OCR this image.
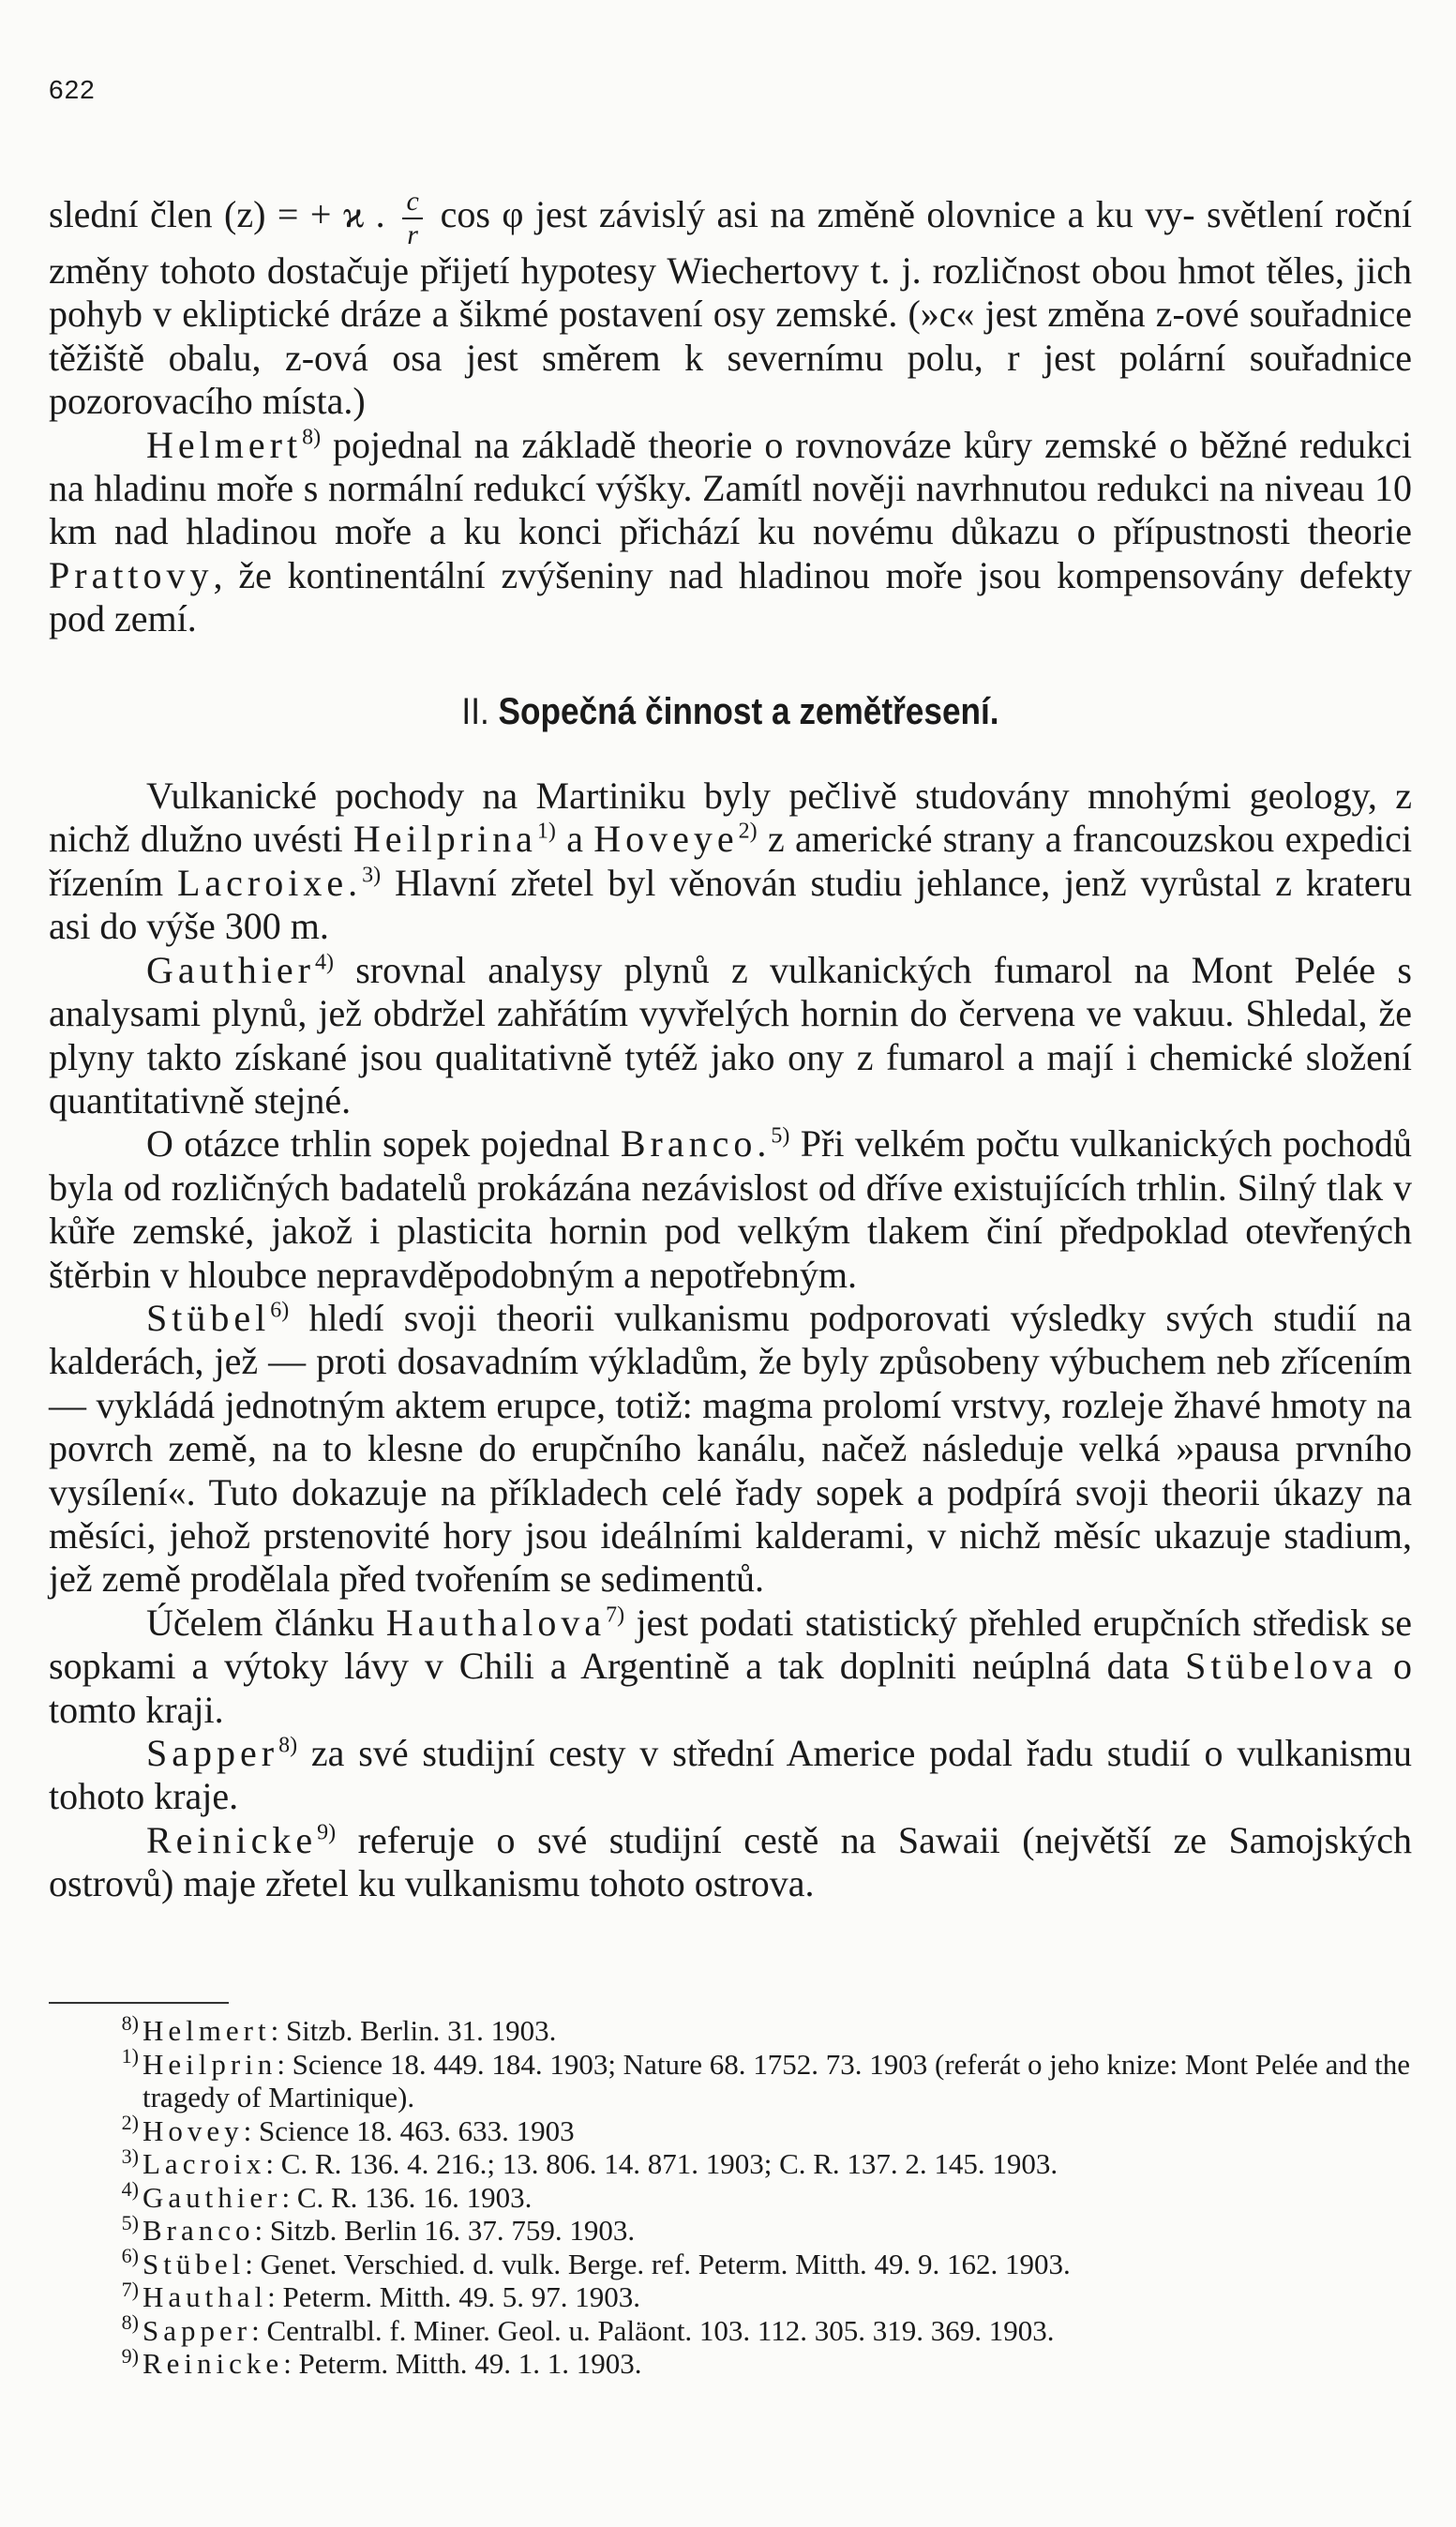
622

slední člen (z) = + ϰ . $\frac{c}{r}$ cos φ jest závislý asi na změně olovnice a ku vy- světlení roční změny tohoto dostačuje přijetí hypotesy Wiechertovy t. j. rozličnost obou hmot těles, jich pohyb v ekliptické dráze a šikmé postavení osy zemské. (»c« jest změna z-ové souřadnice těžiště obalu, z-ová osa jest směrem k severnímu polu, r jest polární souřadnice pozorovacího místa.)

Helmert$^{8)}$ pojednal na základě theorie o rovnováze kůry zemské o běžné redukci na hladinu moře s normální redukcí výšky. Zamítl nověji navrhnutou redukci na niveau 10 km nad hladinou moře a ku konci přichází ku novému důkazu o přípustnosti theorie Prattovy, že kontinentální zvýšeniny nad hladinou moře jsou kompensovány defekty pod zemí.

II. Sopečná činnost a zemětřesení.

Vulkanické pochody na Martiniku byly pečlivě studovány mnohými geology, z nichž dlužno uvésti Heilprina$^{1)}$ a Hoveye$^{2)}$ z americké strany a francouzskou expedici řízením Lacroixe.$^{3)}$ Hlavní zřetel byl věnován studiu jehlance, jenž vyrůstal z krateru asi do výše 300 m.

Gauthier$^{4)}$ srovnal analysy plynů z vulkanických fumarol na Mont Pelée s analysami plynů, jež obdržel zahřátím vyvřelých hornin do červena ve vakuu. Shledal, že plyny takto získané jsou qualitativně tytéž jako ony z fumarol a mají i chemické složení quantitativně stejné.

O otázce trhlin sopek pojednal Branco.$^{5)}$ Při velkém počtu vulkanických pochodů byla od rozličných badatelů prokázána nezávislost od dříve existujících trhlin. Silný tlak v kůře zemské, jakož i plasticita hornin pod velkým tlakem činí předpoklad otevřených štěrbin v hloubce nepravděpodobným a nepotřebným.

Stübel$^{6)}$ hledí svoji theorii vulkanismu podporovati výsledky svých studií na kalderách, jež — proti dosavadním výkladům, že byly způsobeny výbuchem neb zřícením — vykládá jednotným aktem erupce, totiž: magma prolomí vrstvy, rozleje žhavé hmoty na povrch země, na to klesne do erupčního kanálu, načež následuje velká »pausa prvního vysílení«. Tuto dokazuje na příkladech celé řady sopek a podpírá svoji theorii úkazy na měsíci, jehož prstenovité hory jsou ideálními kalderami, v nichž měsíc ukazuje stadium, jež země prodělala před tvořením se sedimentů.

Účelem článku Hauthalova$^{7)}$ jest podati statistický přehled erupčních středisk se sopkami a výtoky lávy v Chili a Argentině a tak doplniti neúplná data Stübelova o tomto kraji.

Sapper$^{8)}$ za své studijní cesty v střední Americe podal řadu studií o vulkanismu tohoto kraje.

Reinicke$^{9)}$ referuje o své studijní cestě na Sawaii (největší ze Samojských ostrovů) maje zřetel ku vulkanismu tohoto ostrova.

8) Helmert: Sitzb. Berlin. 31. 1903.

1) Heilprin: Science 18. 449. 184. 1903; Nature 68. 1752. 73. 1903 (referát o jeho knize: Mont Pelée and the tragedy of Martinique).

2) Hovey: Science 18. 463. 633. 1903

3) Lacroix: C. R. 136. 4. 216.; 13. 806. 14. 871. 1903; C. R. 137. 2. 145. 1903.

4) Gauthier: C. R. 136. 16. 1903.

5) Branco: Sitzb. Berlin 16. 37. 759. 1903.

6) Stübel: Genet. Verschied. d. vulk. Berge. ref. Peterm. Mitth. 49. 9. 162. 1903.

7) Hauthal: Peterm. Mitth. 49. 5. 97. 1903.

8) Sapper: Centralbl. f. Miner. Geol. u. Paläont. 103. 112. 305. 319. 369. 1903.

9) Reinicke: Peterm. Mitth. 49. 1. 1. 1903.
